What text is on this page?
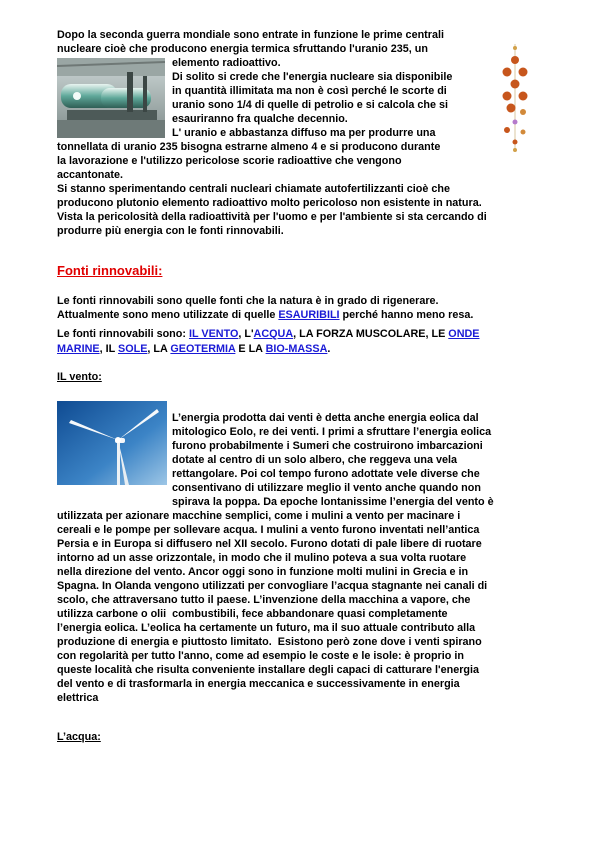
Dopo la seconda guerra mondiale sono entrate in funzione le prime centrali
nucleare cioè che producono energia termica sfruttando l'uranio 235, un
elemento radioattivo.
Di solito si crede che l'energia nucleare sia disponibile
in quantità illimitata ma non è così perché le scorte di
uranio sono 1/4 di quelle di petrolio e si calcola che si
esauriranno fra qualche decennio.
L' uranio e abbastanza diffuso ma per produrre una
tonnellata di uranio 235 bisogna estrarne almeno 4 e si producono durante
la lavorazione e l'utilizzo pericolose scorie radioattive che vengono
accantonate.
Si stanno sperimentando centrali nucleari chiamate autofertilizzanti cioè che
producono plutonio elemento radioattivo molto pericoloso non esistente in natura.
Vista la pericolosità della radioattività per l'uomo e per l'ambiente si sta cercando di
produrre più energia con le fonti rinnovabili.
Fonti rinnovabili:
Le fonti rinnovabili sono quelle fonti che la natura è in grado di rigenerare.
Attualmente sono meno utilizzate di quelle ESAURIBILI perché hanno meno resa.
Le fonti rinnovabili sono: IL VENTO, L'ACQUA, LA FORZA MUSCOLARE, LE ONDE
MARINE, IL SOLE, LA GEOTERMIA E LA BIO-MASSA.
IL vento:
L’energia prodotta dai venti è detta anche energia eolica dal
mitologico Eolo, re dei venti. I primi a sfruttare l’energia eolica
furono probabilmente i Sumeri che costruirono imbarcazioni
dotate al centro di un solo albero, che reggeva una vela
rettangolare. Poi col tempo furono adottate vele diverse che
consentivano di utilizzare meglio il vento anche quando non
spirava la poppa. Da epoche lontanissime l’energia del vento è
utilizzata per azionare macchine semplici, come i mulini a vento per macinare i
cereali e le pompe per sollevare acqua. I mulini a vento furono inventati nell’antica
Persia e in Europa si diffusero nel XII secolo. Furono dotati di pale libere di ruotare
intorno ad un asse orizzontale, in modo che il mulino poteva a sua volta ruotare
nella direzione del vento. Ancor oggi sono in funzione molti mulini in Grecia e in
Spagna. In Olanda vengono utilizzati per convogliare l’acqua stagnante nei canali di
scolo, che attraversano tutto il paese. L’invenzione della macchina a vapore, che
utilizza carbone o olii  combustibili, fece abbandonare quasi completamente
l’energia eolica. L’eolica ha certamente un futuro, ma il suo attuale contributo alla
produzione di energia e piuttosto limitato.  Esistono però zone dove i venti spirano
con regolarità per tutto l'anno, come ad esempio le coste e le isole: è proprio in
queste località che risulta conveniente installare degli capaci di catturare l'energia
del vento e di trasformarla in energia meccanica e successivamente in energia
elettrica
L’acqua:
